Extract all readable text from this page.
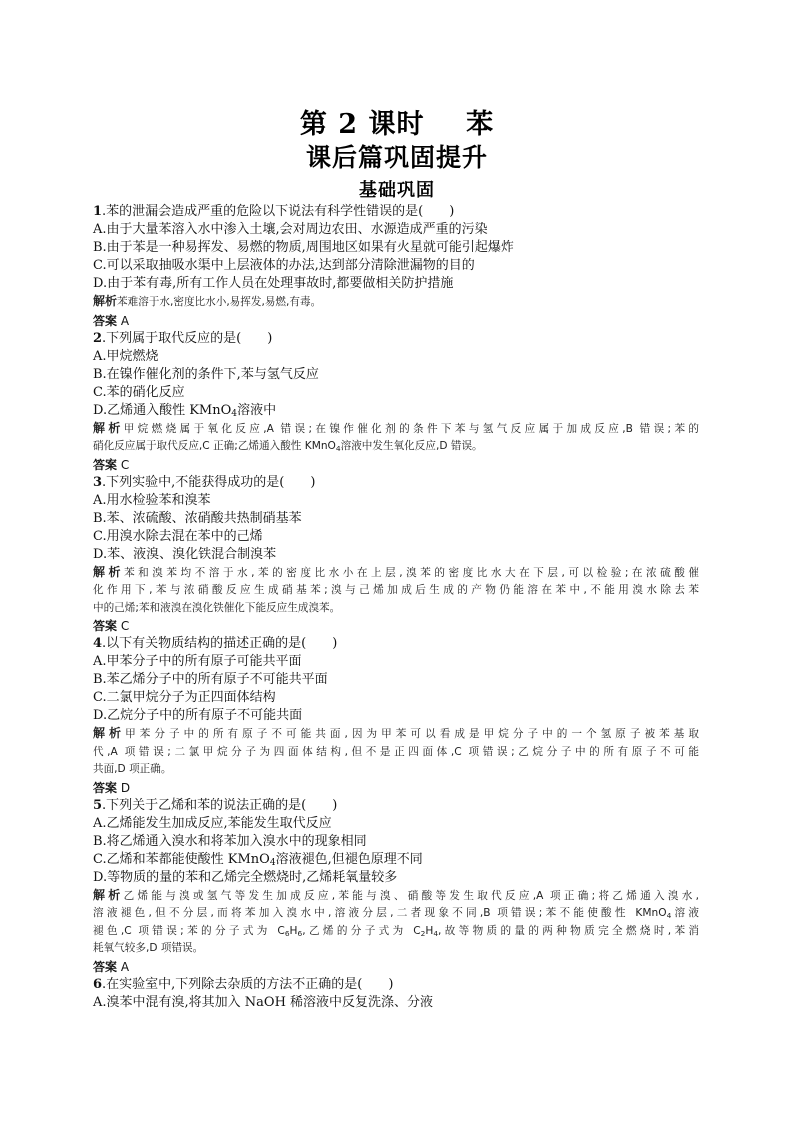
第 2 课时 苯
课后篇巩固提升
基础巩固
1.苯的泄漏会造成严重的危险以下说法有科学性错误的是(　　)
A.由于大量苯溶入水中渗入土壤,会对周边农田、水源造成严重的污染
B.由于苯是一种易挥发、易燃的物质,周围地区如果有火星就可能引起爆炸
C.可以采取抽吸水渠中上层液体的办法,达到部分清除泄漏物的目的
D.由于苯有毒,所有工作人员在处理事故时,都要做相关防护措施
解析苯难溶于水,密度比水小,易挥发,易燃,有毒。
答案 A
2.下列属于取代反应的是(　　)
A.甲烷燃烧
B.在镍作催化剂的条件下,苯与氢气反应
C.苯的硝化反应
D.乙烯通入酸性 KMnO$_4$溶液中
解析甲烷燃烧属于氧化反应,A 错误;在镍作催化剂的条件下苯与氢气反应属于加成反应,B 错误;苯的
硝化反应属于取代反应,C 正确;乙烯通入酸性 KMnO$_4$溶液中发生氧化反应,D 错误。
答案 C
3.下列实验中,不能获得成功的是(　　)
A.用水检验苯和溴苯
B.苯、浓硫酸、浓硝酸共热制硝基苯
C.用溴水除去混在苯中的己烯
D.苯、液溴、溴化铁混合制溴苯
解析苯和溴苯均不溶于水,苯的密度比水小在上层,溴苯的密度比水大在下层,可以检验;在浓硫酸催
化作用下,苯与浓硝酸反应生成硝基苯;溴与己烯加成后生成的产物仍能溶在苯中,不能用溴水除去苯
中的己烯;苯和液溴在溴化铁催化下能反应生成溴苯。
答案 C
4.以下有关物质结构的描述正确的是(　　)
A.甲苯分子中的所有原子可能共平面
B.苯乙烯分子中的所有原子不可能共平面
C.二氯甲烷分子为正四面体结构
D.乙烷分子中的所有原子不可能共面
解析甲苯分子中的所有原子不可能共面,因为甲苯可以看成是甲烷分子中的一个氢原子被苯基取
代,A 项错误;二氯甲烷分子为四面体结构,但不是正四面体,C 项错误;乙烷分子中的所有原子不可能
共面,D 项正确。
答案 D
5.下列关于乙烯和苯的说法正确的是(　　)
A.乙烯能发生加成反应,苯能发生取代反应
B.将乙烯通入溴水和将苯加入溴水中的现象相同
C.乙烯和苯都能使酸性 KMnO$_4$溶液褪色,但褪色原理不同
D.等物质的量的苯和乙烯完全燃烧时,乙烯耗氧量较多
解析乙烯能与溴或氢气等发生加成反应,苯能与溴、硝酸等发生取代反应,A 项正确;将乙烯通入溴水,
溶液褪色,但不分层,而将苯加入溴水中,溶液分层,二者现象不同,B 项错误;苯不能使酸性 KMnO$_4$溶液
褪色,C 项错误;苯的分子式为 $C_6H_6$,乙烯的分子式为 $C_2H_4$,故等物质的量的两种物质完全燃烧时,苯消
耗氧气较多,D 项错误。
答案 A
6.在实验室中,下列除去杂质的方法不正确的是(　　)
A.溴苯中混有溴,将其加入 NaOH 稀溶液中反复洗涤、分液
